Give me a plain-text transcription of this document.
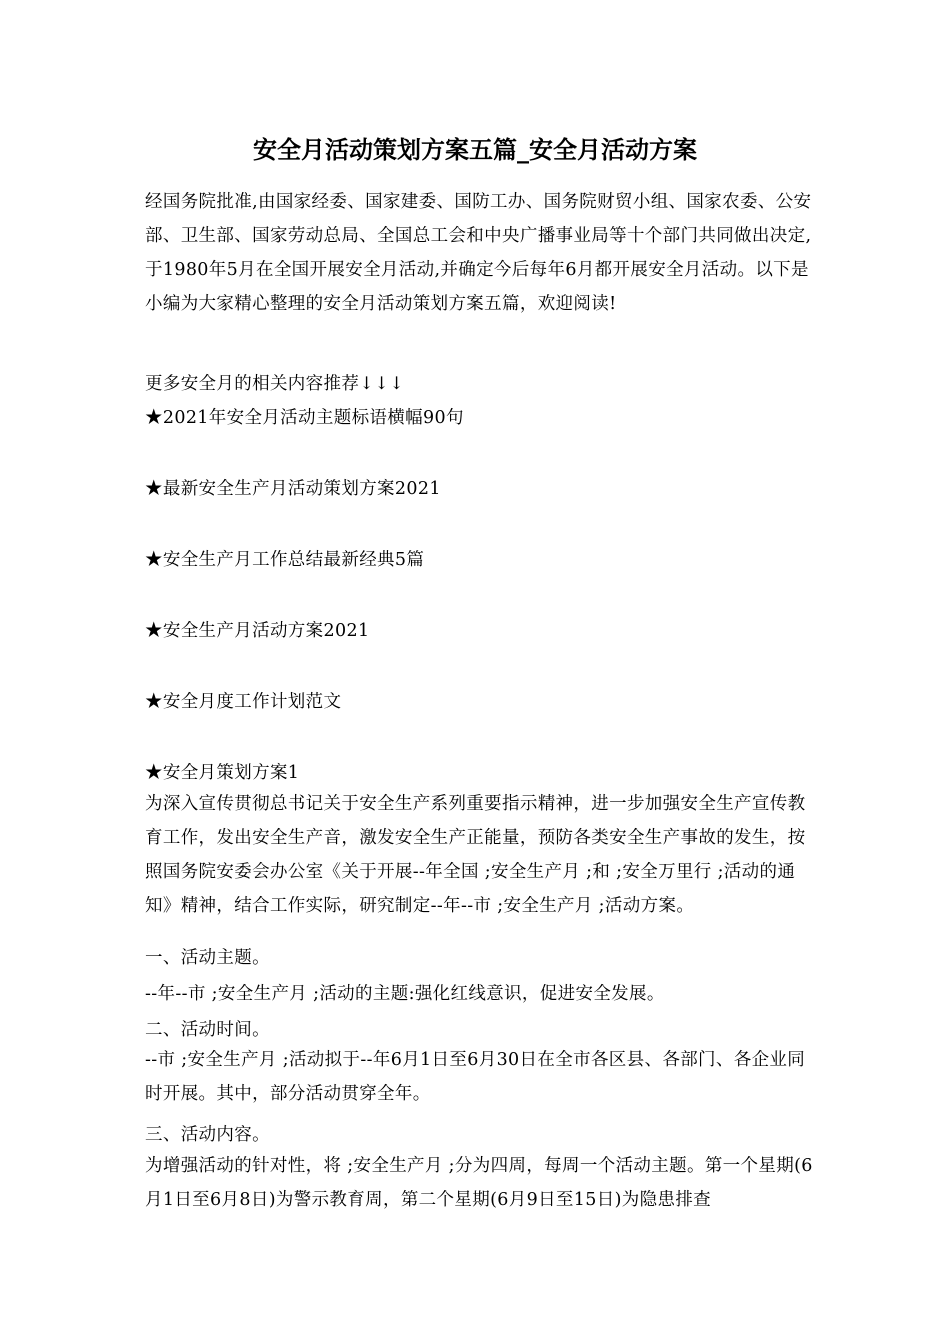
安全月活动策划方案五篇_安全月活动方案

经国务院批准,由国家经委、国家建委、国防工办、国务院财贸小组、国家农委、公安部、卫生部、国家劳动总局、全国总工会和中央广播事业局等十个部门共同做出决定,于1980年5月在全国开展安全月活动,并确定今后每年6月都开展安全月活动。以下是小编为大家精心整理的安全月活动策划方案五篇，欢迎阅读!

更多安全月的相关内容推荐↓↓↓

★2021年安全月活动主题标语横幅90句

★最新安全生产月活动策划方案2021

★安全生产月工作总结最新经典5篇

★安全生产月活动方案2021

★安全月度工作计划范文

★安全月策划方案1

为深入宣传贯彻总书记关于安全生产系列重要指示精神，进一步加强安全生产宣传教育工作，发出安全生产音，激发安全生产正能量，预防各类安全生产事故的发生，按照国务院安委会办公室《关于开展--年全国 ;安全生产月 ;和 ;安全万里行 ;活动的通知》精神，结合工作实际，研究制定--年--市 ;安全生产月 ;活动方案。

一、活动主题。

--年--市 ;安全生产月 ;活动的主题:强化红线意识，促进安全发展。

二、活动时间。

--市 ;安全生产月 ;活动拟于--年6月1日至6月30日在全市各区县、各部门、各企业同时开展。其中，部分活动贯穿全年。

三、活动内容。

为增强活动的针对性，将 ;安全生产月 ;分为四周，每周一个活动主题。第一个星期(6月1日至6月8日)为警示教育周，第二个星期(6月9日至15日)为隐患排查
